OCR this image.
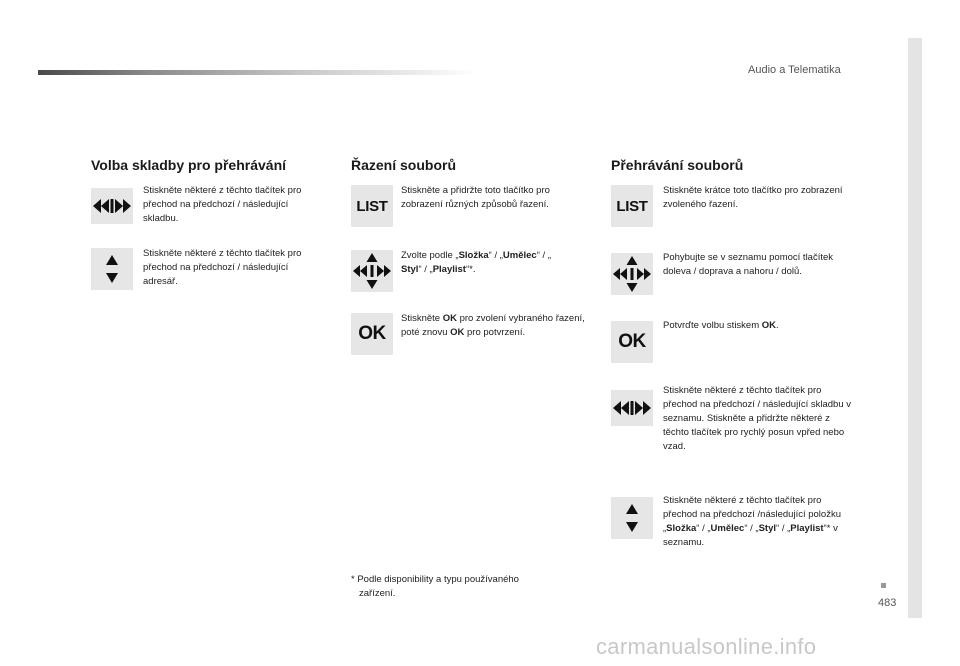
Audio a Telematika
483
Volba skladby pro přehrávání
Stiskněte některé z těchto tlačítek pro přechod na předchozí / následující skladbu.
Stiskněte některé z těchto tlačítek pro přechod na předchozí / následující adresář.
Řazení souborů
LIST
Stiskněte a přidržte toto tlačítko pro zobrazení různých způsobů řazení.
Zvolte podle „Složka“ / „Umělec“ / „
Styl“ / „Playlist“*.
OK
Stiskněte OK pro zvolení vybraného řazení, poté znovu OK pro potvrzení.
* Podle disponibility a typu používaného
zařízení.
Přehrávání souborů
LIST
Stiskněte krátce toto tlačítko pro zobrazení zvoleného řazení.
Pohybujte se v seznamu pomocí tlačítek doleva / doprava a nahoru / dolů.
OK
Potvrďte volbu stiskem OK.
Stiskněte některé z těchto tlačítek pro přechod na předchozí / následující skladbu v seznamu. Stiskněte a přidržte některé z těchto tlačítek pro rychlý posun vpřed nebo vzad.
Stiskněte některé z těchto tlačítek pro přechod na předchozí /následující položku „Složka“ / „Umělec“ / „Styl“ / „Playlist“* v seznamu.
carmanualsonline.info
